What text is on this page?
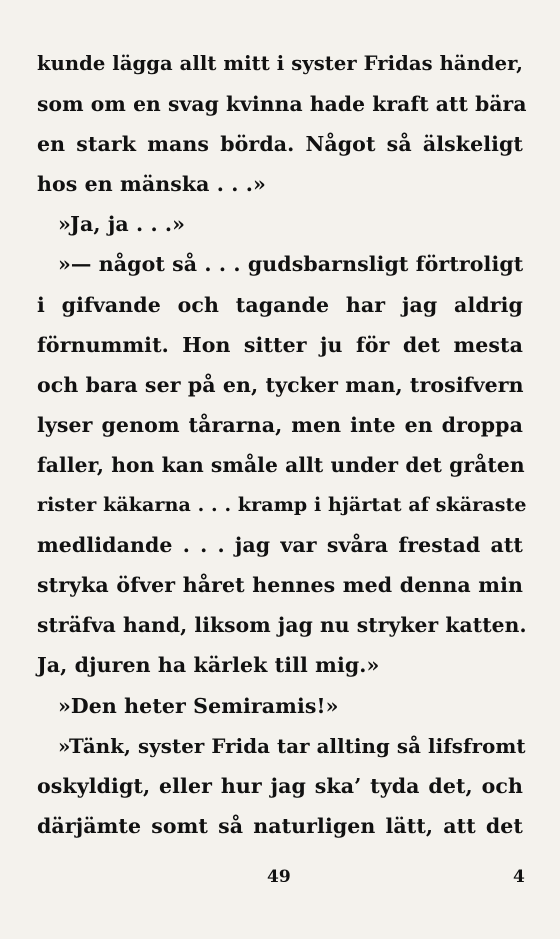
kunde lägga allt mitt i syster Fridas händer,
som om en svag kvinna hade kraft att bära
en stark mans börda. Något så älskeligt
hos en mänska . . .»
»Ja, ja . . .»
»— något så . . . gudsbarnsligt förtroligt
i gifvande och tagande har jag aldrig
förnummit. Hon sitter ju för det mesta
och bara ser på en, tycker man, trosifvern
lyser genom tårarna, men inte en droppa
faller, hon kan småle allt under det gråten
rister käkarna . . . kramp i hjärtat af skäraste
medlidande . . . jag var svåra frestad att
stryka öfver håret hennes med denna min
sträfva hand, liksom jag nu stryker katten.
Ja, djuren ha kärlek till mig.»
»Den heter Semiramis!»
»Tänk, syster Frida tar allting så lifsfromt
oskyldigt, eller hur jag ska’ tyda det, och
därjämte somt så naturligen lätt, att det
49	4
